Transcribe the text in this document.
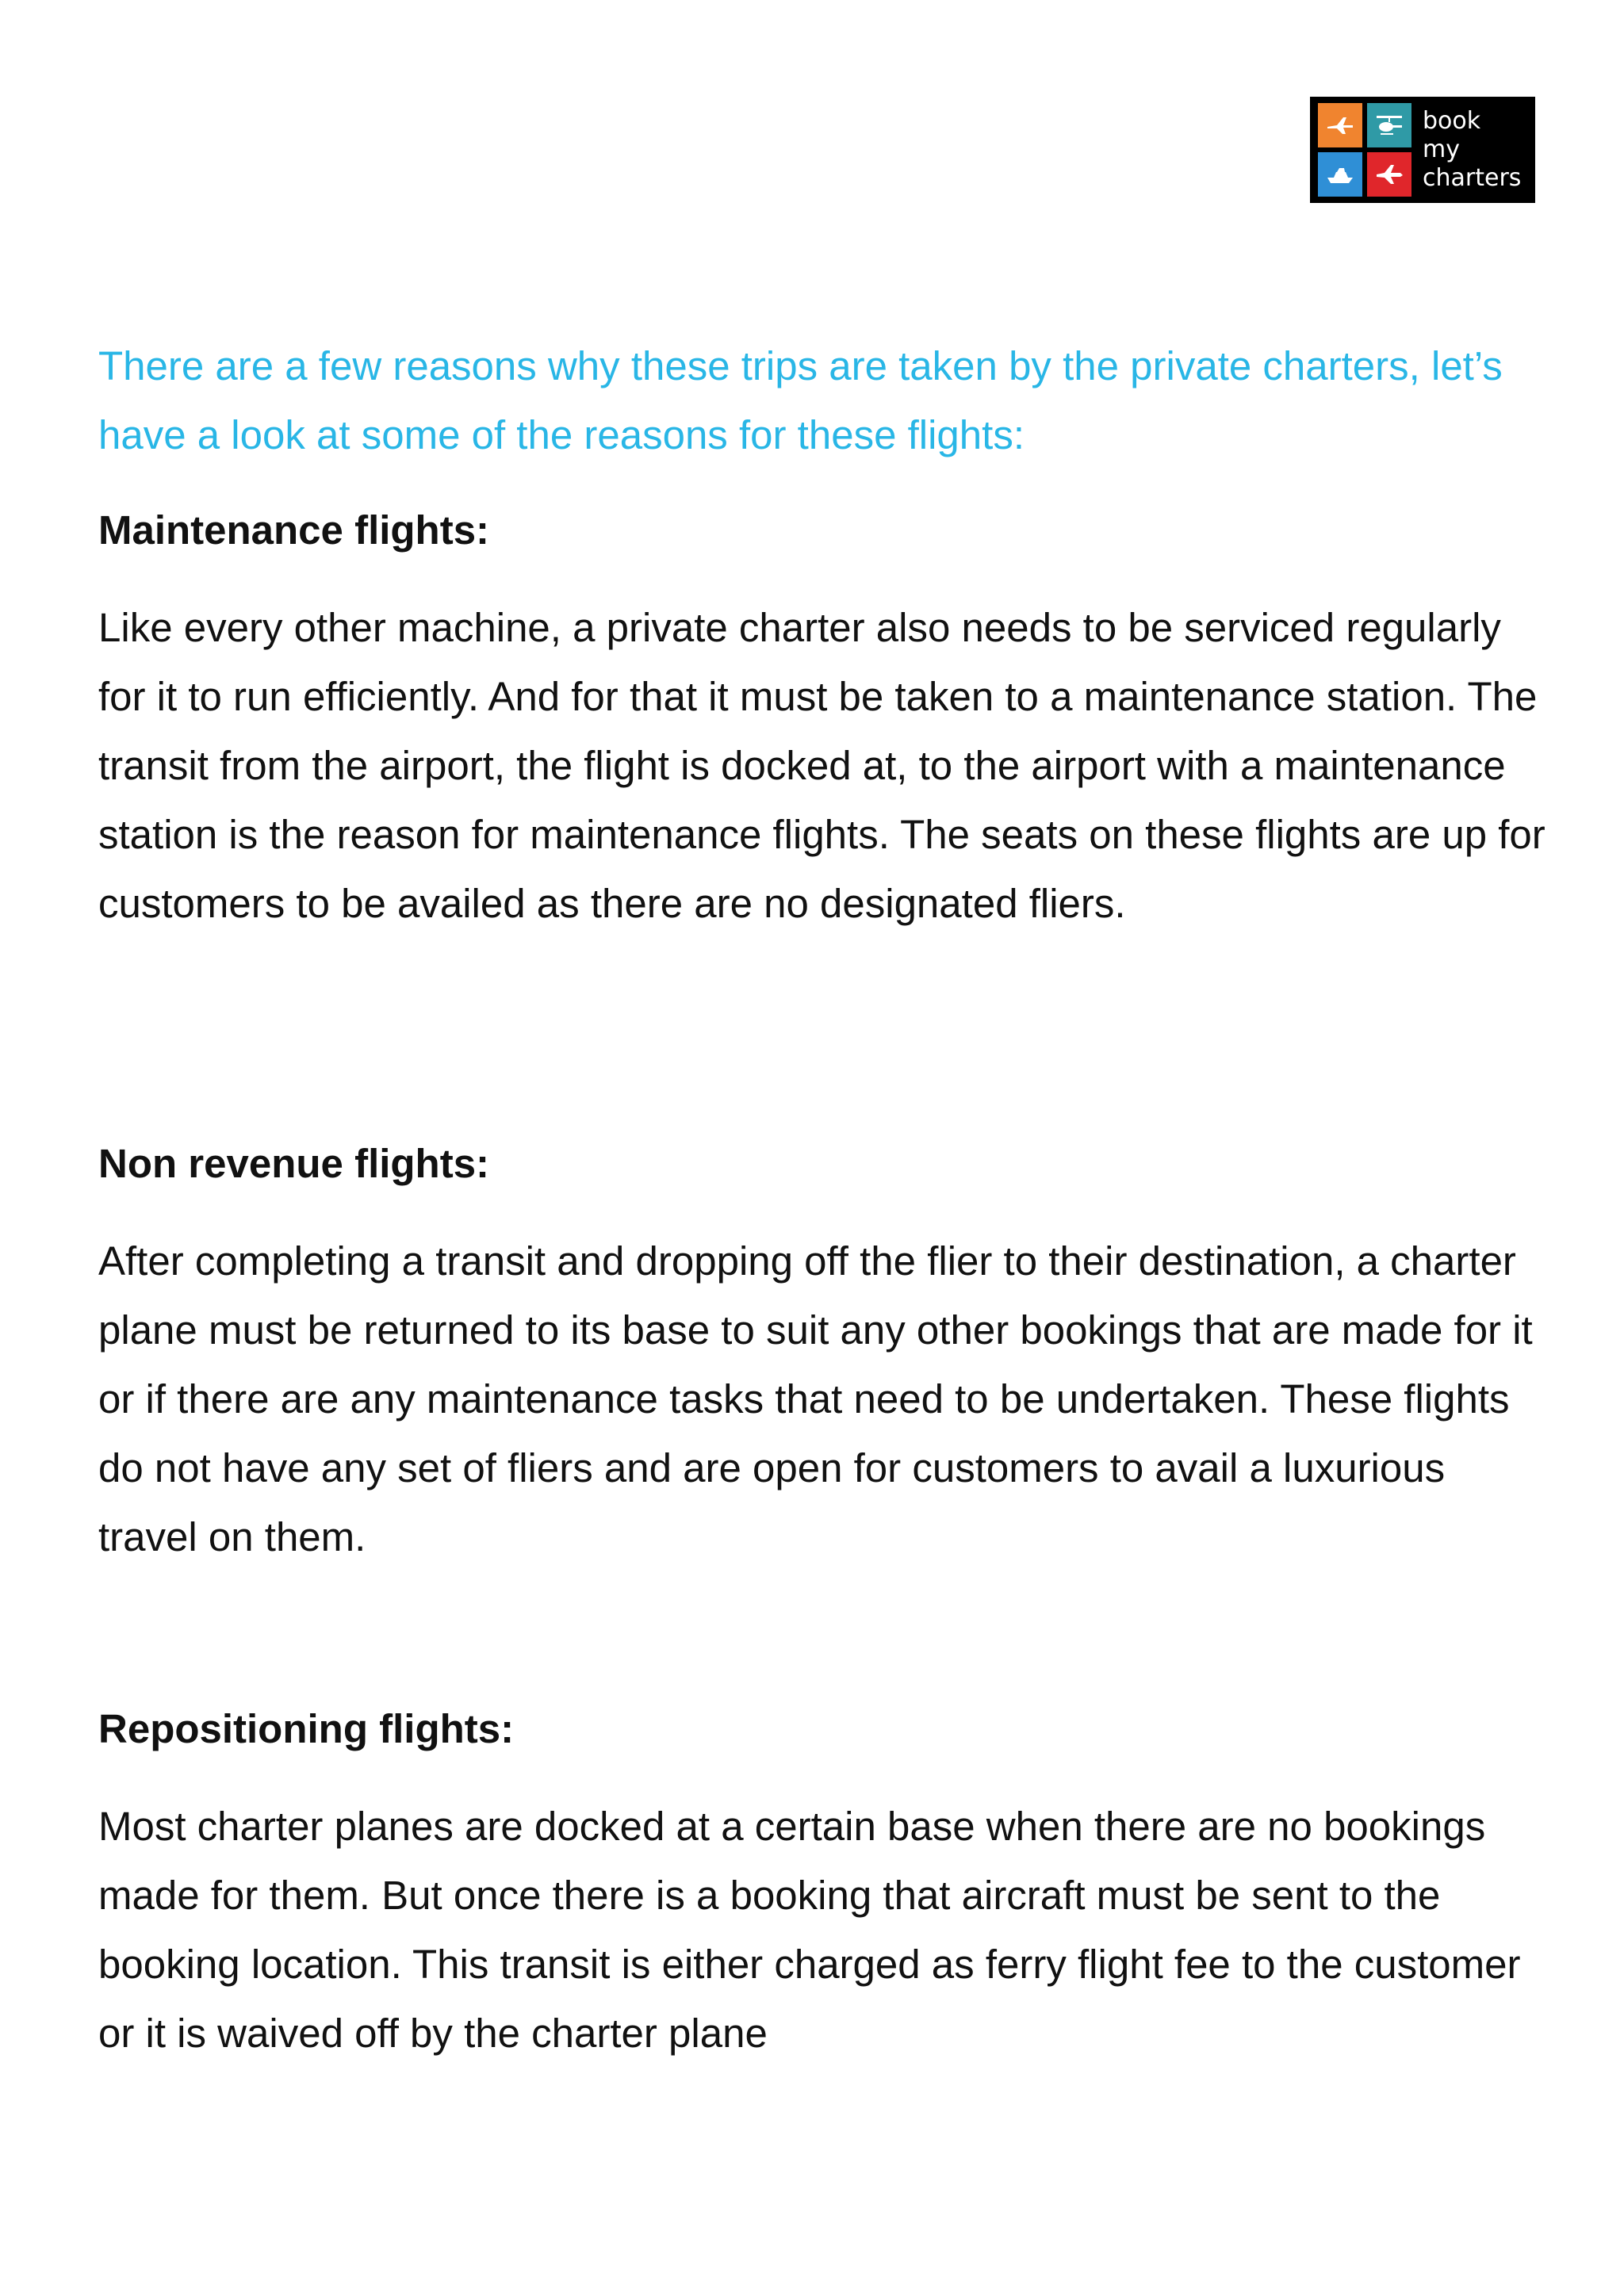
book
my
charters

There are a few reasons why these trips are taken by the private charters, let’s have a look at some of the reasons for these flights:

Maintenance flights:

Like every other machine, a private charter also needs to be serviced regularly for it to run efficiently. And for that it must be taken to a maintenance station. The transit from the airport, the flight is docked at, to the airport with a maintenance station is the reason for maintenance flights. The seats on these flights are up for customers to be availed as there are no designated fliers.

Non revenue flights:

After completing a transit and dropping off the flier to their destination, a charter plane must be returned to its base to suit any other bookings that are made for it or if there are any maintenance tasks that need to be undertaken. These flights do not have any set of fliers and are open for customers to avail a luxurious travel on them.

Repositioning flights:

Most charter planes are docked at a certain base when there are no bookings made for them. But once there is a booking that aircraft must be sent to the booking location. This transit is either charged as ferry flight fee to the customer or it is waived off by the charter plane
